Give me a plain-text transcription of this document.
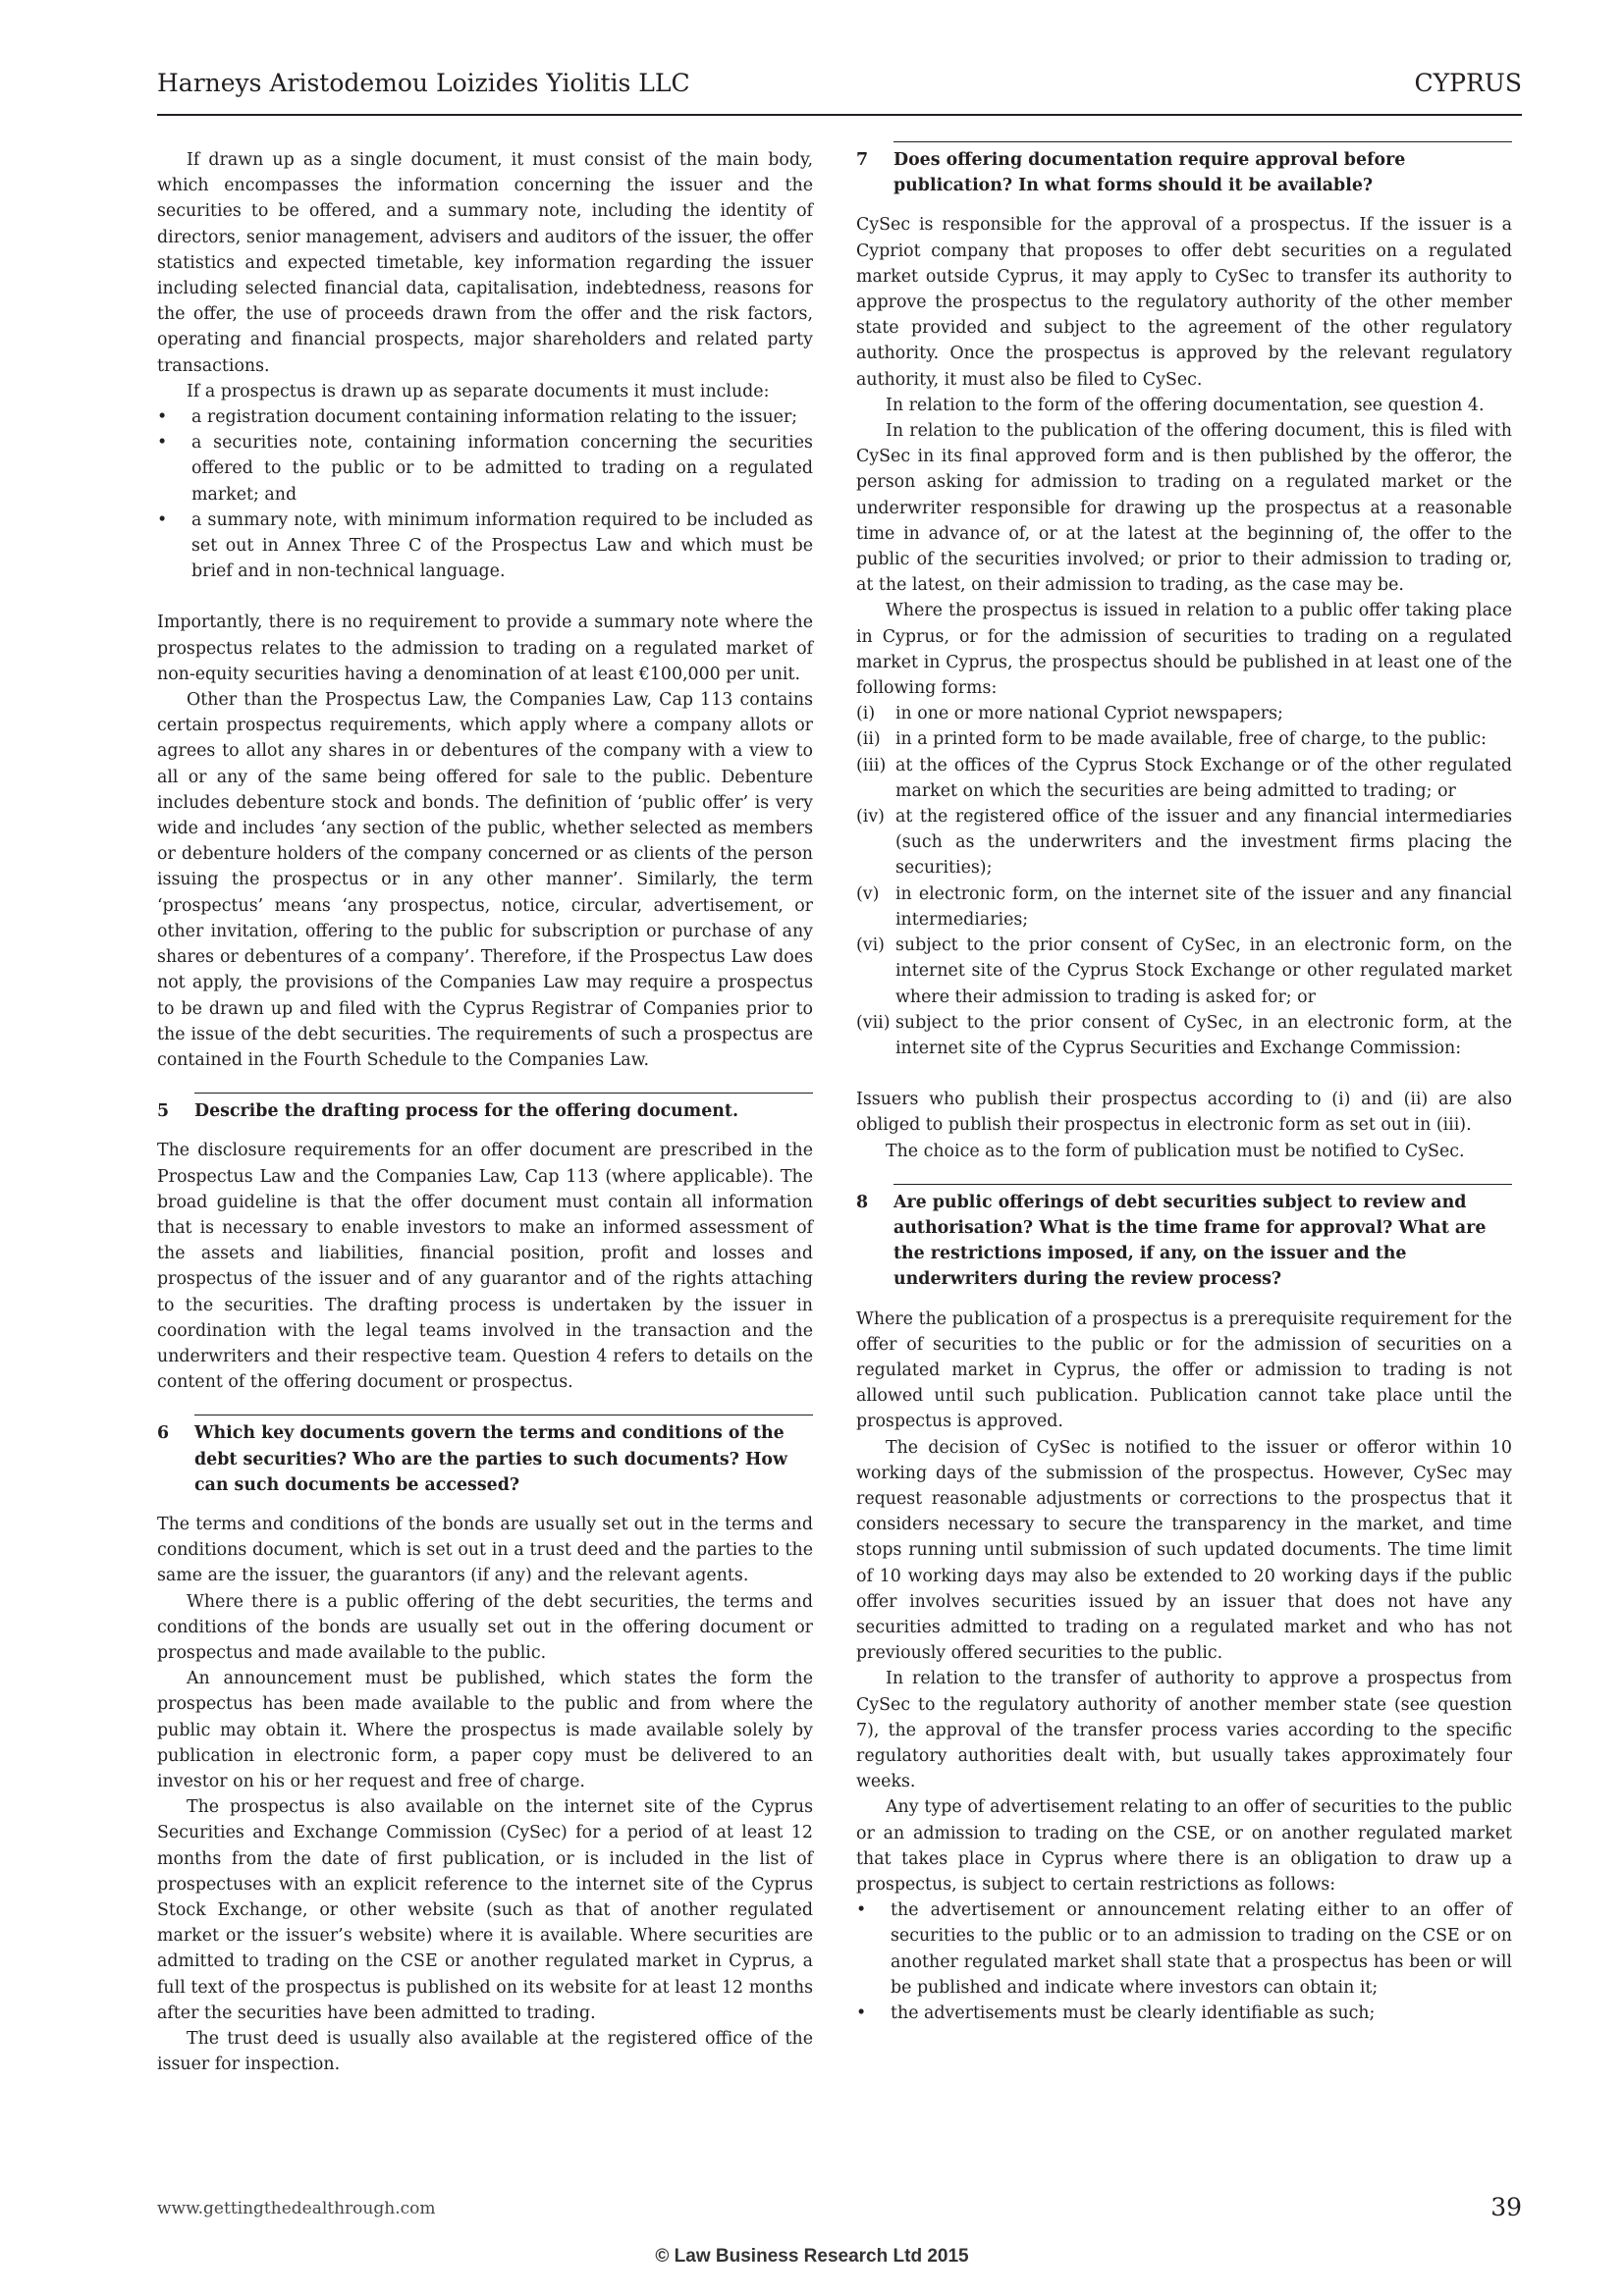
Harneys Aristodemou Loizides Yiolitis LLC	CYPRUS

If drawn up as a single document, it must consist of the main body, which encompasses the information concerning the issuer and the securities to be offered, and a summary note, including the identity of directors, senior management, advisers and auditors of the issuer, the offer statistics and expected timetable, key information regarding the issuer including selected financial data, capitalisation, indebtedness, reasons for the offer, the use of proceeds drawn from the offer and the risk factors, operating and financial prospects, major shareholders and related party transactions.

If a prospectus is drawn up as separate documents it must include:

• a registration document containing information relating to the issuer;
• a securities note, containing information concerning the securities offered to the public or to be admitted to trading on a regulated market; and
• a summary note, with minimum information required to be included as set out in Annex Three C of the Prospectus Law and which must be brief and in non-technical language.

Importantly, there is no requirement to provide a summary note where the prospectus relates to the admission to trading on a regulated market of non-equity securities having a denomination of at least €100,000 per unit.

Other than the Prospectus Law, the Companies Law, Cap 113 contains certain prospectus requirements, which apply where a company allots or agrees to allot any shares in or debentures of the company with a view to all or any of the same being offered for sale to the public. Debenture includes debenture stock and bonds. The definition of ‘public offer’ is very wide and includes ‘any section of the public, whether selected as members or debenture holders of the company concerned or as clients of the person issuing the prospectus or in any other manner’. Similarly, the term ‘prospectus’ means ‘any prospectus, notice, circular, advertisement, or other invitation, offering to the public for subscription or purchase of any shares or debentures of a company’. Therefore, if the Prospectus Law does not apply, the provisions of the Companies Law may require a prospectus to be drawn up and filed with the Cyprus Registrar of Companies prior to the issue of the debt securities. The requirements of such a prospectus are contained in the Fourth Schedule to the Companies Law.

5 Describe the drafting process for the offering document.

The disclosure requirements for an offer document are prescribed in the Prospectus Law and the Companies Law, Cap 113 (where applicable). The broad guideline is that the offer document must contain all information that is necessary to enable investors to make an informed assessment of the assets and liabilities, financial position, profit and losses and prospectus of the issuer and of any guarantor and of the rights attaching to the securities. The drafting process is undertaken by the issuer in coordination with the legal teams involved in the transaction and the underwriters and their respective team. Question 4 refers to details on the content of the offering document or prospectus.

6 Which key documents govern the terms and conditions of the debt securities? Who are the parties to such documents? How can such documents be accessed?

The terms and conditions of the bonds are usually set out in the terms and conditions document, which is set out in a trust deed and the parties to the same are the issuer, the guarantors (if any) and the relevant agents.

Where there is a public offering of the debt securities, the terms and conditions of the bonds are usually set out in the offering document or prospectus and made available to the public.

An announcement must be published, which states the form the prospectus has been made available to the public and from where the public may obtain it. Where the prospectus is made available solely by publication in electronic form, a paper copy must be delivered to an investor on his or her request and free of charge.

The prospectus is also available on the internet site of the Cyprus Securities and Exchange Commission (CySec) for a period of at least 12 months from the date of first publication, or is included in the list of prospectuses with an explicit reference to the internet site of the Cyprus Stock Exchange, or other website (such as that of another regulated market or the issuer’s website) where it is available. Where securities are admitted to trading on the CSE or another regulated market in Cyprus, a full text of the prospectus is published on its website for at least 12 months after the securities have been admitted to trading.

The trust deed is usually also available at the registered office of the issuer for inspection.

7 Does offering documentation require approval before publication? In what forms should it be available?

CySec is responsible for the approval of a prospectus. If the issuer is a Cypriot company that proposes to offer debt securities on a regulated market outside Cyprus, it may apply to CySec to transfer its authority to approve the prospectus to the regulatory authority of the other member state provided and subject to the agreement of the other regulatory authority. Once the prospectus is approved by the relevant regulatory authority, it must also be filed to CySec.

In relation to the form of the offering documentation, see question 4.

In relation to the publication of the offering document, this is filed with CySec in its final approved form and is then published by the offeror, the person asking for admission to trading on a regulated market or the underwriter responsible for drawing up the prospectus at a reasonable time in advance of, or at the latest at the beginning of, the offer to the public of the securities involved; or prior to their admission to trading or, at the latest, on their admission to trading, as the case may be.

Where the prospectus is issued in relation to a public offer taking place in Cyprus, or for the admission of securities to trading on a regulated market in Cyprus, the prospectus should be published in at least one of the following forms:

(i) in one or more national Cypriot newspapers;
(ii) in a printed form to be made available, free of charge, to the public:
(iii) at the offices of the Cyprus Stock Exchange or of the other regulated market on which the securities are being admitted to trading; or
(iv) at the registered office of the issuer and any financial intermediaries (such as the underwriters and the investment firms placing the securities);
(v) in electronic form, on the internet site of the issuer and any financial intermediaries;
(vi) subject to the prior consent of CySec, in an electronic form, on the internet site of the Cyprus Stock Exchange or other regulated market where their admission to trading is asked for; or
(vii) subject to the prior consent of CySec, in an electronic form, at the internet site of the Cyprus Securities and Exchange Commission:

Issuers who publish their prospectus according to (i) and (ii) are also obliged to publish their prospectus in electronic form as set out in (iii).

The choice as to the form of publication must be notified to CySec.

8 Are public offerings of debt securities subject to review and authorisation? What is the time frame for approval? What are the restrictions imposed, if any, on the issuer and the underwriters during the review process?

Where the publication of a prospectus is a prerequisite requirement for the offer of securities to the public or for the admission of securities on a regulated market in Cyprus, the offer or admission to trading is not allowed until such publication. Publication cannot take place until the prospectus is approved.

The decision of CySec is notified to the issuer or offeror within 10 working days of the submission of the prospectus. However, CySec may request reasonable adjustments or corrections to the prospectus that it considers necessary to secure the transparency in the market, and time stops running until submission of such updated documents. The time limit of 10 working days may also be extended to 20 working days if the public offer involves securities issued by an issuer that does not have any securities admitted to trading on a regulated market and who has not previously offered securities to the public.

In relation to the transfer of authority to approve a prospectus from CySec to the regulatory authority of another member state (see question 7), the approval of the transfer process varies according to the specific regulatory authorities dealt with, but usually takes approximately four weeks.

Any type of advertisement relating to an offer of securities to the public or an admission to trading on the CSE, or on another regulated market that takes place in Cyprus where there is an obligation to draw up a prospectus, is subject to certain restrictions as follows:

• the advertisement or announcement relating either to an offer of securities to the public or to an admission to trading on the CSE or on another regulated market shall state that a prospectus has been or will be published and indicate where investors can obtain it;
• the advertisements must be clearly identifiable as such;
www.gettingthedealthrough.com	39
© Law Business Research Ltd 2015
